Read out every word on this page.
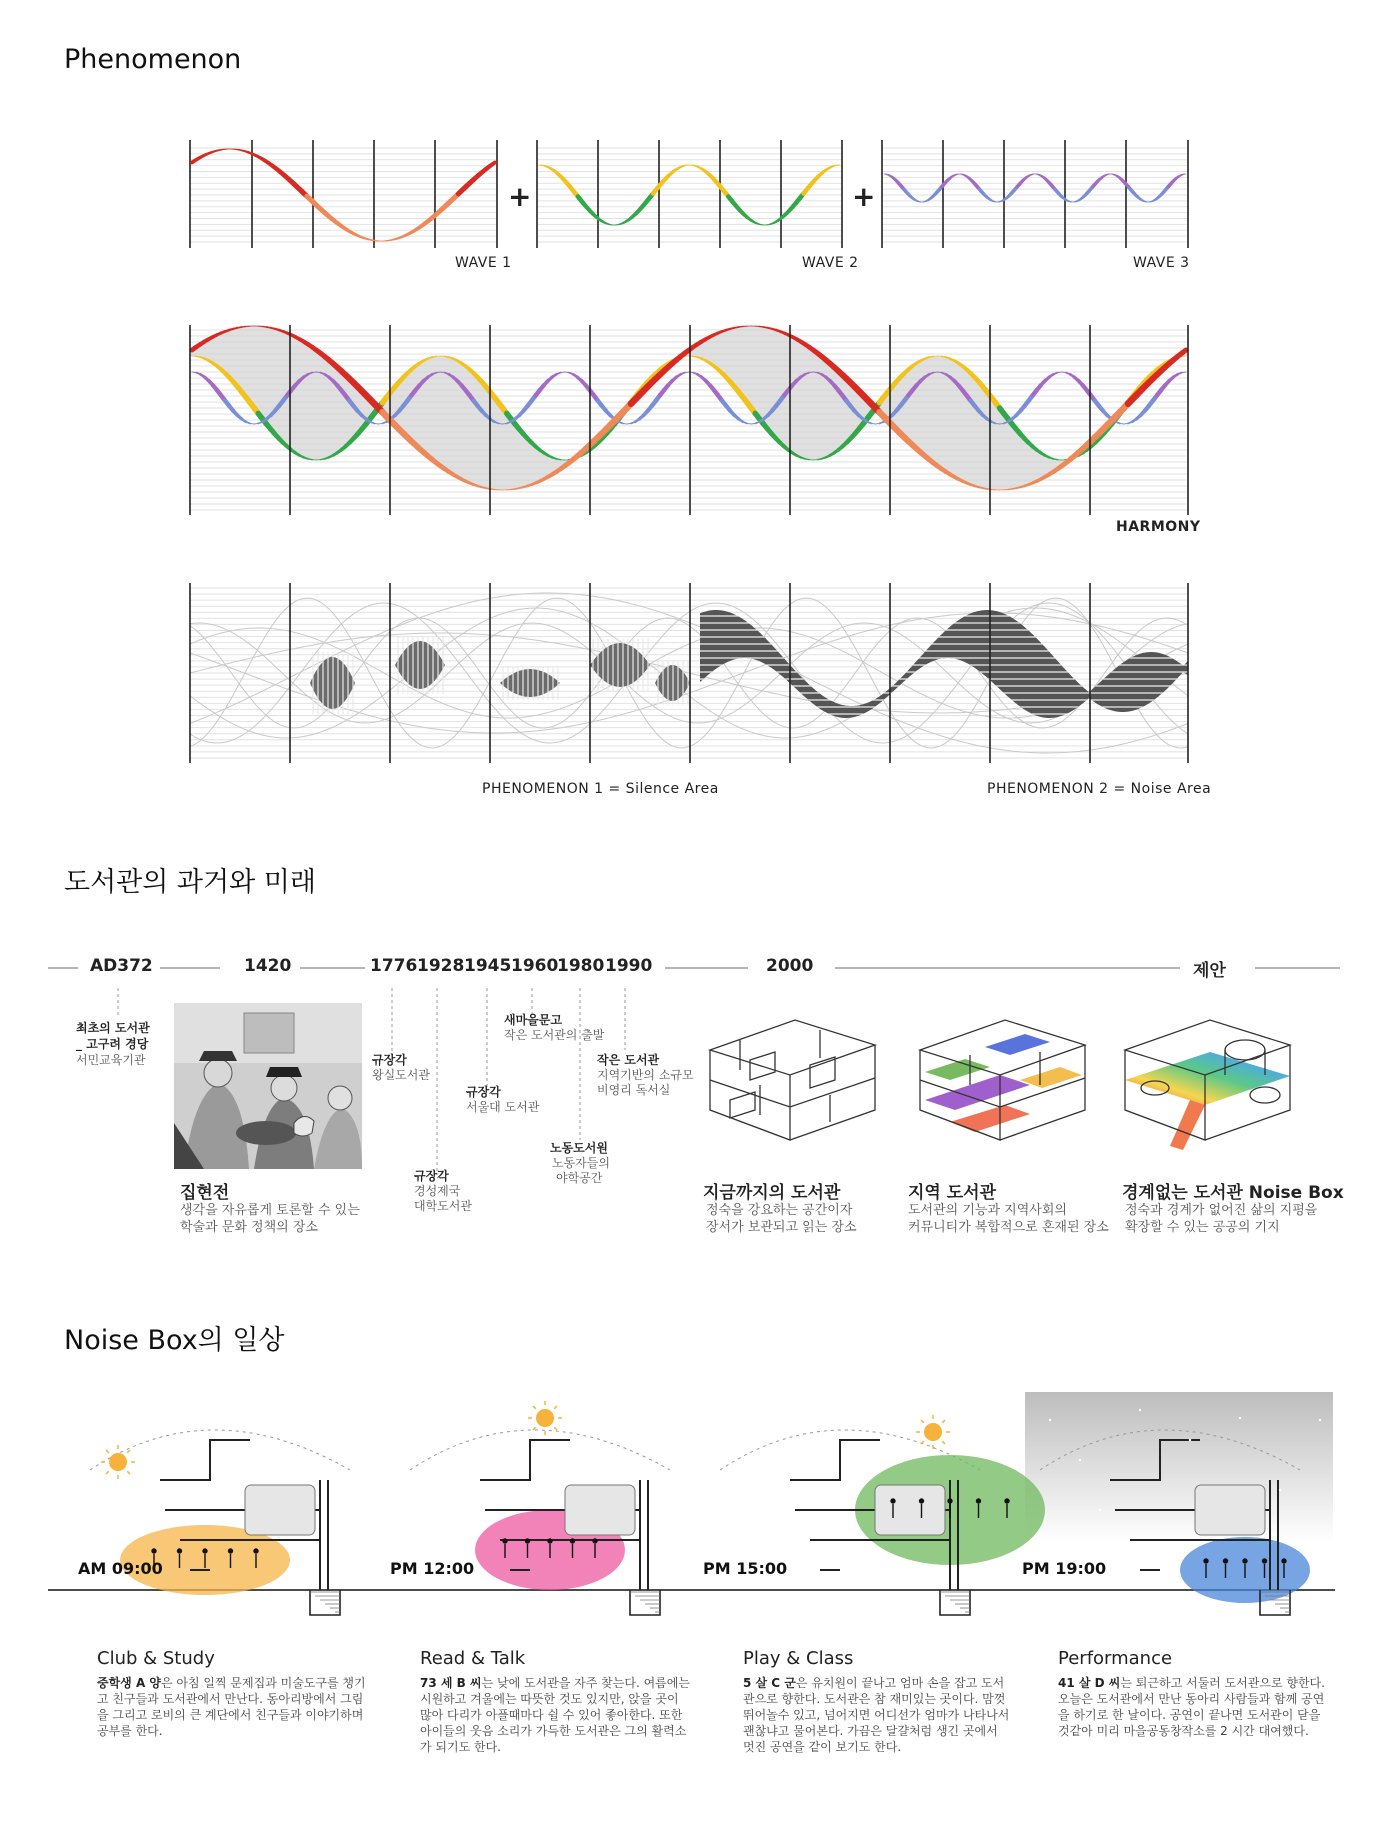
Phenomenon
WAVE 1	WAVE 2	WAVE 3
+	+
HARMONY
PHENOMENON 1 = Silence Area	PHENOMENON 2 = Noise Area
도서관의 과거와 미래
AD372	1420	1776 1928 1945 1960
1980 1990	2000	제안
최초의 도서관
_ 고구려 경당
서민교육기관	규장각
왕실도서관
규장각
경성제국
대학도서관
규장각
서울대 도서관
새마을문고
작은 도서관의 출발
노동도서원
노동자들의
야학공간
작은 도서관
지역기반의 소규모
비영리 독서실
집현전
생각을 자유롭게 토론할 수 있는
학술과 문화 정책의 장소
지금까지의 도서관
정숙을 강요하는 공간이자
장서가 보관되고 읽는 장소
지역 도서관
도서관의 기능과 지역사회의
커뮤니티가 복합적으로 혼재된 장소
경계없는 도서관 Noise Box
정숙과 경계가 없어진 삶의 지평을
확장할 수 있는 공공의 기지
Noise Box의 일상
AM 09:00	PM 12:00	PM 15:00	PM 19:00
Club & Study
중학생 A 양은 아침 일찍 문제집과 미술도구를 챙기고 친구들과 도서관에서 만난다. 동아리방에서 그림을 그리고 로비의 큰 계단에서 친구들과 이야기하며 공부를 한다.
Read & Talk
73 세 B 씨는 낮에 도서관을 자주 찾는다. 여름에는 시원하고 겨울에는 따뜻한 것도 있지만, 앉을 곳이 많아 다리가 아플때마다 쉴 수 있어 좋아한다. 또한 아이들의 웃음 소리가 가득한 도서관은 그의 활력소가 되기도 한다.
Play & Class
5 살 C 군은 유치원이 끝나고 엄마 손을 잡고 도서관으로 향한다. 도서관은 참 재미있는 곳이다. 맘껏 뛰어놀수 있고, 넘어지면 어디선가 엄마가 나타나서 괜찮냐고 물어본다. 가끔은 달걀처럼 생긴 곳에서 멋진 공연을 같이 보기도 한다.
Performance
41 살 D 씨는 퇴근하고 서둘러 도서관으로 향한다. 오늘은 도서관에서 만난 동아리 사람들과 함께 공연을 하기로 한 날이다. 공연이 끝나면 도서관이 닫을 것같아 미리 마을공동창작소를 2 시간 대여했다.
